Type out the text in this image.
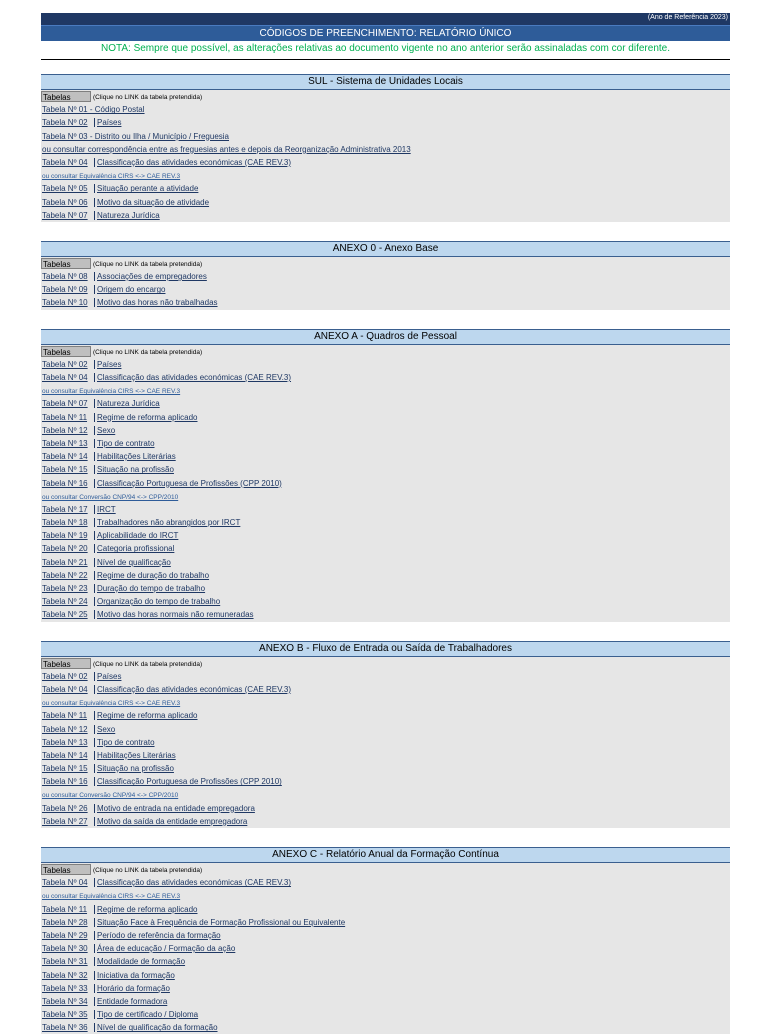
(Ano de Referência 2023)
CÓDIGOS DE PREENCHIMENTO: RELATÓRIO ÚNICO
NOTA: Sempre que possível, as alterações relativas ao documento vigente no ano anterior serão assinaladas com cor diferente.
SUL - Sistema de Unidades Locais
Tabelas	(Clique no LINK da tabela pretendida)
Tabela Nº 01 - Código Postal
Tabela Nº 02 Países
Tabela Nº 03 - Distrito ou Ilha / Município / Freguesia
ou consultar correspondência entre as freguesias antes e depois da Reorganização Administrativa 2013
Tabela Nº 04 Classificação das atividades económicas (CAE REV.3)
ou consultar Equivalência CIRS <-> CAE REV.3
Tabela Nº 05 Situação perante a atividade
Tabela Nº 06 Motivo da situação de atividade
Tabela Nº 07 Natureza Jurídica
ANEXO 0 - Anexo Base
Tabelas	(Clique no LINK da tabela pretendida)
Tabela Nº 08 Associações de empregadores
Tabela Nº 09 Origem do encargo
Tabela Nº 10 Motivo das horas não trabalhadas
ANEXO A - Quadros de Pessoal
Tabelas	(Clique no LINK da tabela pretendida)
Tabela Nº 02 Países
Tabela Nº 04 Classificação das atividades económicas (CAE REV.3)
ou consultar Equivalência CIRS <-> CAE REV.3
Tabela Nº 07 Natureza Jurídica
Tabela Nº 11 Regime de reforma aplicado
Tabela Nº 12 Sexo
Tabela Nº 13 Tipo de contrato
Tabela Nº 14 Habilitações Literárias
Tabela Nº 15 Situação na profissão
Tabela Nº 16 Classificação Portuguesa de Profissões (CPP 2010)
ou consultar Conversão CNP/94 <-> CPP/2010
Tabela Nº 17 IRCT
Tabela Nº 18 Trabalhadores não abrangidos por IRCT
Tabela Nº 19 Aplicabilidade do IRCT
Tabela Nº 20 Categoria profissional
Tabela Nº 21 Nível de qualificação
Tabela Nº 22 Regime de duração do trabalho
Tabela Nº 23 Duração do tempo de trabalho
Tabela Nº 24 Organização do tempo de trabalho
Tabela Nº 25 Motivo das horas normais não remuneradas
ANEXO B - Fluxo de Entrada ou Saída de Trabalhadores
Tabelas	(Clique no LINK da tabela pretendida)
Tabela Nº 02 Países
Tabela Nº 04 Classificação das atividades económicas (CAE REV.3)
ou consultar Equivalência CIRS <-> CAE REV.3
Tabela Nº 11 Regime de reforma aplicado
Tabela Nº 12 Sexo
Tabela Nº 13 Tipo de contrato
Tabela Nº 14 Habilitações Literárias
Tabela Nº 15 Situação na profissão
Tabela Nº 16 Classificação Portuguesa de Profissões (CPP 2010)
ou consultar Conversão CNP/94 <-> CPP/2010
Tabela Nº 26 Motivo de entrada na entidade empregadora
Tabela Nº 27 Motivo da saída da entidade empregadora
ANEXO C - Relatório Anual da Formação Contínua
Tabelas	(Clique no LINK da tabela pretendida)
Tabela Nº 04 Classificação das atividades económicas (CAE REV.3)
ou consultar Equivalência CIRS <-> CAE REV.3
Tabela Nº 11 Regime de reforma aplicado
Tabela Nº 28 Situação Face à Frequência de Formação Profissional ou Equivalente
Tabela Nº 29 Período de referência da formação
Tabela Nº 30 Área de educação / Formação da ação
Tabela Nº 31 Modalidade de formação
Tabela Nº 32 Iniciativa da formação
Tabela Nº 33 Horário da formação
Tabela Nº 34 Entidade formadora
Tabela Nº 35 Tipo de certificado / Diploma
Tabela Nº 36 Nível de qualificação da formação
